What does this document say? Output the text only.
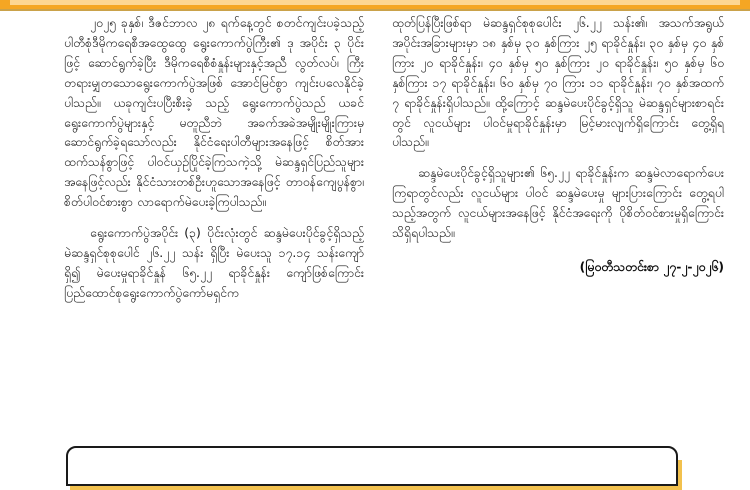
၂၀၂၅ ခုနှစ်၊ ဒီဇင်ဘာလ ၂၈ ရက်နေ့တွင် စတင်ကျင်းပခဲ့သည့် ပါတီစုံဒီမိုကရေစီအထွေထွေ ရွေးကောက်ပွဲကြီး၏ ဒု အပိုင်း ၃ ပိုင်းဖြင့် ဆောင်ရွက်ခဲ့ပြီး ဒီမိုကရေစီစံနှုန်းများနှင့်အညီ လွတ်လပ်၊ ကြီးတရားမျှတသောရွေးကောက်ပွဲအဖြစ် အောင်မြင်စွာ ကျင်းပလေနိုင်ခဲ့ပါသည်။ ယခုကျင်းပပြီးစီးခဲ့ သည့် ရွေးကောက်ပွဲသည် ယခင်ရွေးကောက်ပွဲများနှင့် မတူညီဘဲ အခက်အခဲအမျိုးမျိုးကြားမှ ဆောင်ရွက်ခဲ့ရသော်လည်း နိုင်ငံရေးပါတီများအနေဖြင့် စိတ်အားထက်သန်စွာဖြင့် ပါဝင်ယှဉ်ပြိုင်ခဲ့ကြသကဲ့သို့ မဲဆန္ဒရှင်ပြည်သူများအနေဖြင့်လည်း နိုင်ငံသားတစ်ဦးဟူသောအနေဖြင့် တာဝန်ကျေပွန်စွာ၊ စိတ်ပါဝင်စားစွာ လာရောက်မဲပေးခဲ့ကြပါသည်။

ရွေးကောက်ပွဲအပိုင်း (၃) ပိုင်းလုံးတွင် ဆန္ဒမဲပေးပိုင်ခွင့်ရှိသည့် မဲဆန္ဒရှင်စုစုပေါင် ၂၆.၂၂ သန်း ရှိပြီး မဲပေးသူ ၁၇.၁၄ သန်းကျော်ရှိ၍ မဲပေးမှုရာခိုင်နှုန် ၆၅.၂၂ ရာခိုင်နှုန်း ကျော်ဖြစ်ကြောင်း ပြည်ထောင်စုရွေးကောက်ပွဲကော်မရှင်က

ထုတ်ပြန်ပြီးဖြစ်ရာ မဲဆန္ဒရှင်စုစုပေါင်း ၂၆.၂၂ သန်း၏၊ အသက်အရွယ်အပိုင်းအခြားများမှာ ၁၈ နှစ်မှ ၃၀ နှစ်ကြား ၂၅ ရာခိုင်နှုန်း၊ ၃၀ နှစ်မှ ၄၀ နှစ်ကြား ၂၀ ရာခိုင်နှုန်း၊ ၄၀ နှစ်မှ ၅၀ နှစ်ကြား ၂၀ ရာခိုင်နှုန်း၊ ၅၀ နှစ်မှ ၆၀ နှစ်ကြား ၁၇ ရာခိုင်နှုန်း၊ ၆၀ နှစ်မှ ၇၀ ကြား ၁၁ ရာခိုင်နှုန်း၊ ၇၀ နှစ်အထက် ၇ ရာခိုင်နှုန်းရှိပါသည်။ ထို့ကြောင့် ဆန္ဒမဲပေးပိုင်ခွင့်ရှိသူ မဲဆန္ဒရှင်များစာရင်းတွင် လူငယ်များ ပါဝင်မှုရာခိုင်နှုန်းမှာ မြင့်မားလျက်ရှိကြောင်း တွေ့ရှိရပါသည်။

ဆန္ဒမဲပေးပိုင်ခွင့်ရှိသူများ၏ ၆၅.၂၂ ရာခိုင်နှုန်းက ဆန္ဒမဲလာရောက်ပေးကြရာတွင်လည်း လူငယ်များ ပါဝင် ဆန္ဒမဲပေးမှု များပြားကြောင်း တွေ့ရပါသည့်အတွက် လူငယ်များအနေဖြင့် နိုင်ငံအရေးကို ပိုစိတ်ဝင်စားမှုရှိကြောင်း သိရှိရပါသည်။

(မြဝတီသတင်းစာ ၂၇-၂-၂၀၂၆)
